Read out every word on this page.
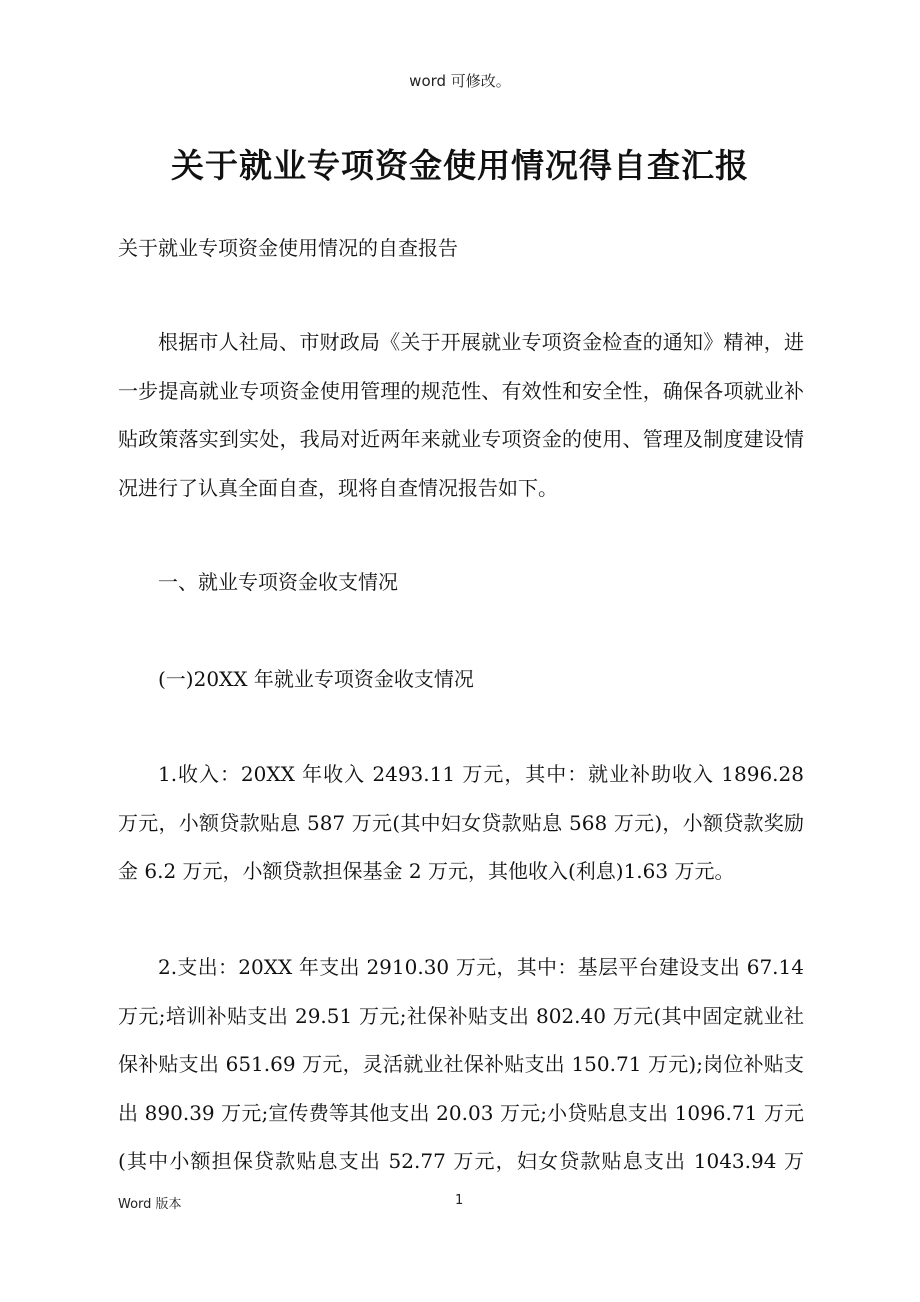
word 可修改。
关于就业专项资金使用情况得自查汇报

关于就业专项资金使用情况的自查报告

根据市人社局、市财政局《关于开展就业专项资金检查的通知》精神，进一步提高就业专项资金使用管理的规范性、有效性和安全性，确保各项就业补贴政策落实到实处，我局对近两年来就业专项资金的使用、管理及制度建设情况进行了认真全面自查，现将自查情况报告如下。

一、就业专项资金收支情况

(一)20XX 年就业专项资金收支情况

1.收入：20XX 年收入 2493.11 万元，其中：就业补助收入 1896.28 万元，小额贷款贴息 587 万元(其中妇女贷款贴息 568 万元)，小额贷款奖励金 6.2 万元，小额贷款担保基金 2 万元，其他收入(利息)1.63 万元。

2.支出：20XX 年支出 2910.30 万元，其中：基层平台建设支出 67.14 万元;培训补贴支出 29.51 万元;社保补贴支出 802.40 万元(其中固定就业社保补贴支出 651.69 万元，灵活就业社保补贴支出 150.71 万元);岗位补贴支出 890.39 万元;宣传费等其他支出 20.03 万元;小贷贴息支出 1096.71 万元(其中小额担保贷款贴息支出 52.77 万元，妇女贷款贴息支出 1043.94 万

Word 版本	1
